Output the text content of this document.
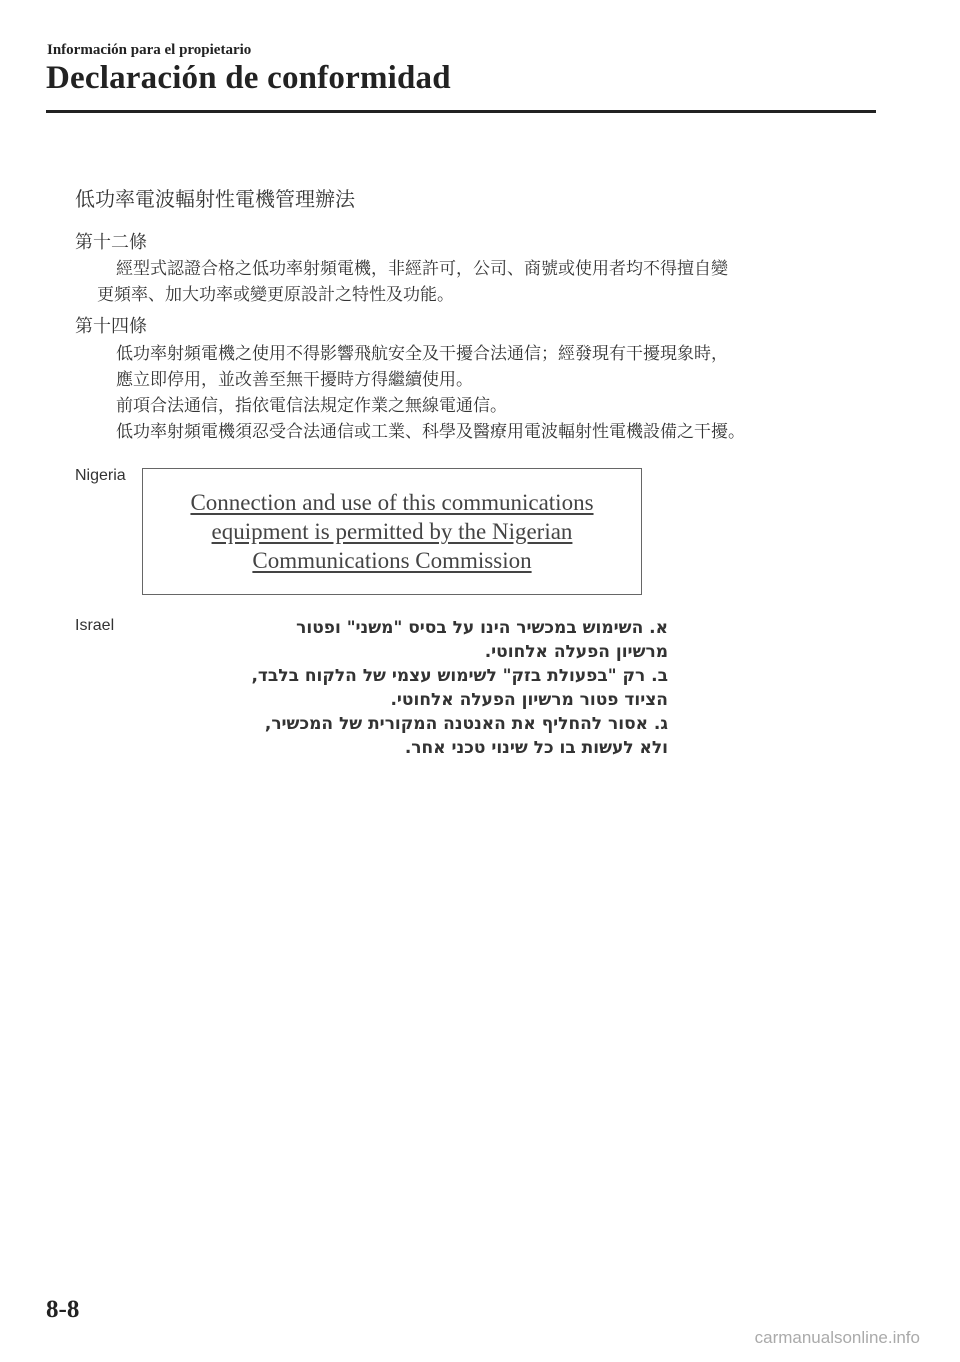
Información para el propietario
Declaración de conformidad
低功率電波輻射性電機管理辦法
第十二條
經型式認證合格之低功率射頻電機，非經許可，公司、商號或使用者均不得擅自變
更頻率、加大功率或變更原設計之特性及功能。
第十四條
低功率射頻電機之使用不得影響飛航安全及干擾合法通信；經發現有干擾現象時，
應立即停用，並改善至無干擾時方得繼續使用。
前項合法通信，指依電信法規定作業之無線電通信。
低功率射頻電機須忍受合法通信或工業、科學及醫療用電波輻射性電機設備之干擾。
Nigeria
Connection and use of this communications
equipment is permitted by the Nigerian
Communications Commission
Israel	א. השימוש במכשיר הינו על בסיס "משני" ופטור
מרשיון הפעלה אלחוטי.
ב. רק "בפעולת בזק" לשימוש עצמי של הלקוח בלבד,
הציוד פטור מרשיון הפעלה אלחוטי.
ג. אסור להחליף את האנטנה המקורית של המכשיר,
ולא לעשות בו כל שינוי טכני אחר.
8-8
carmanualsonline.info
